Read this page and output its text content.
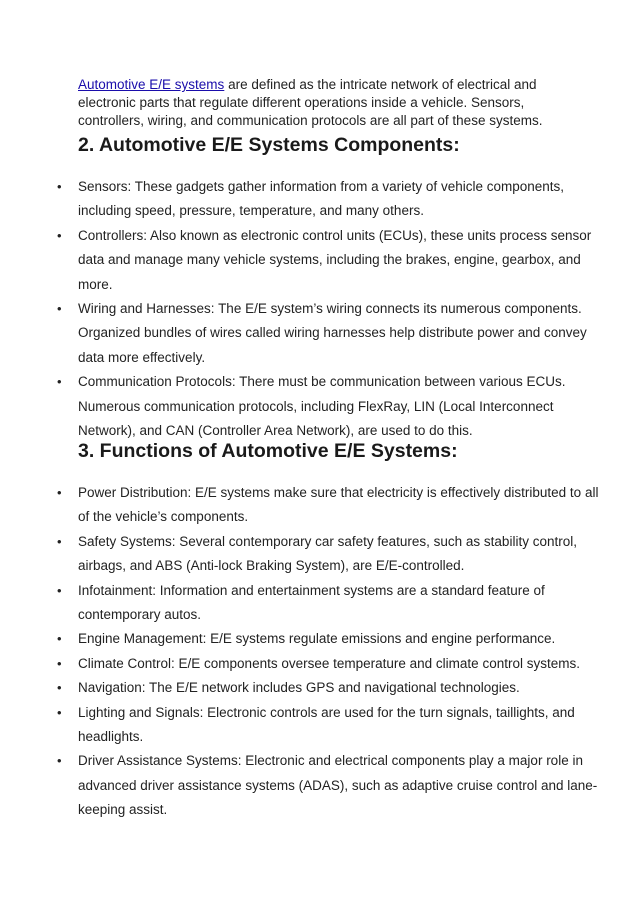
Automotive E/E systems are defined as the intricate network of electrical and electronic parts that regulate different operations inside a vehicle. Sensors, controllers, wiring, and communication protocols are all part of these systems.

2. Automotive E/E Systems Components:
• Sensors: These gadgets gather information from a variety of vehicle components, including speed, pressure, temperature, and many others.
• Controllers: Also known as electronic control units (ECUs), these units process sensor data and manage many vehicle systems, including the brakes, engine, gearbox, and more.
• Wiring and Harnesses: The E/E system’s wiring connects its numerous components. Organized bundles of wires called wiring harnesses help distribute power and convey data more effectively.
• Communication Protocols: There must be communication between various ECUs. Numerous communication protocols, including FlexRay, LIN (Local Interconnect Network), and CAN (Controller Area Network), are used to do this.
3. Functions of Automotive E/E Systems:
• Power Distribution: E/E systems make sure that electricity is effectively distributed to all of the vehicle’s components.
• Safety Systems: Several contemporary car safety features, such as stability control, airbags, and ABS (Anti-lock Braking System), are E/E-controlled.
• Infotainment: Information and entertainment systems are a standard feature of contemporary autos.
• Engine Management: E/E systems regulate emissions and engine performance.
• Climate Control: E/E components oversee temperature and climate control systems.
• Navigation: The E/E network includes GPS and navigational technologies.
• Lighting and Signals: Electronic controls are used for the turn signals, taillights, and headlights.
• Driver Assistance Systems: Electronic and electrical components play a major role in advanced driver assistance systems (ADAS), such as adaptive cruise control and lane-keeping assist.
